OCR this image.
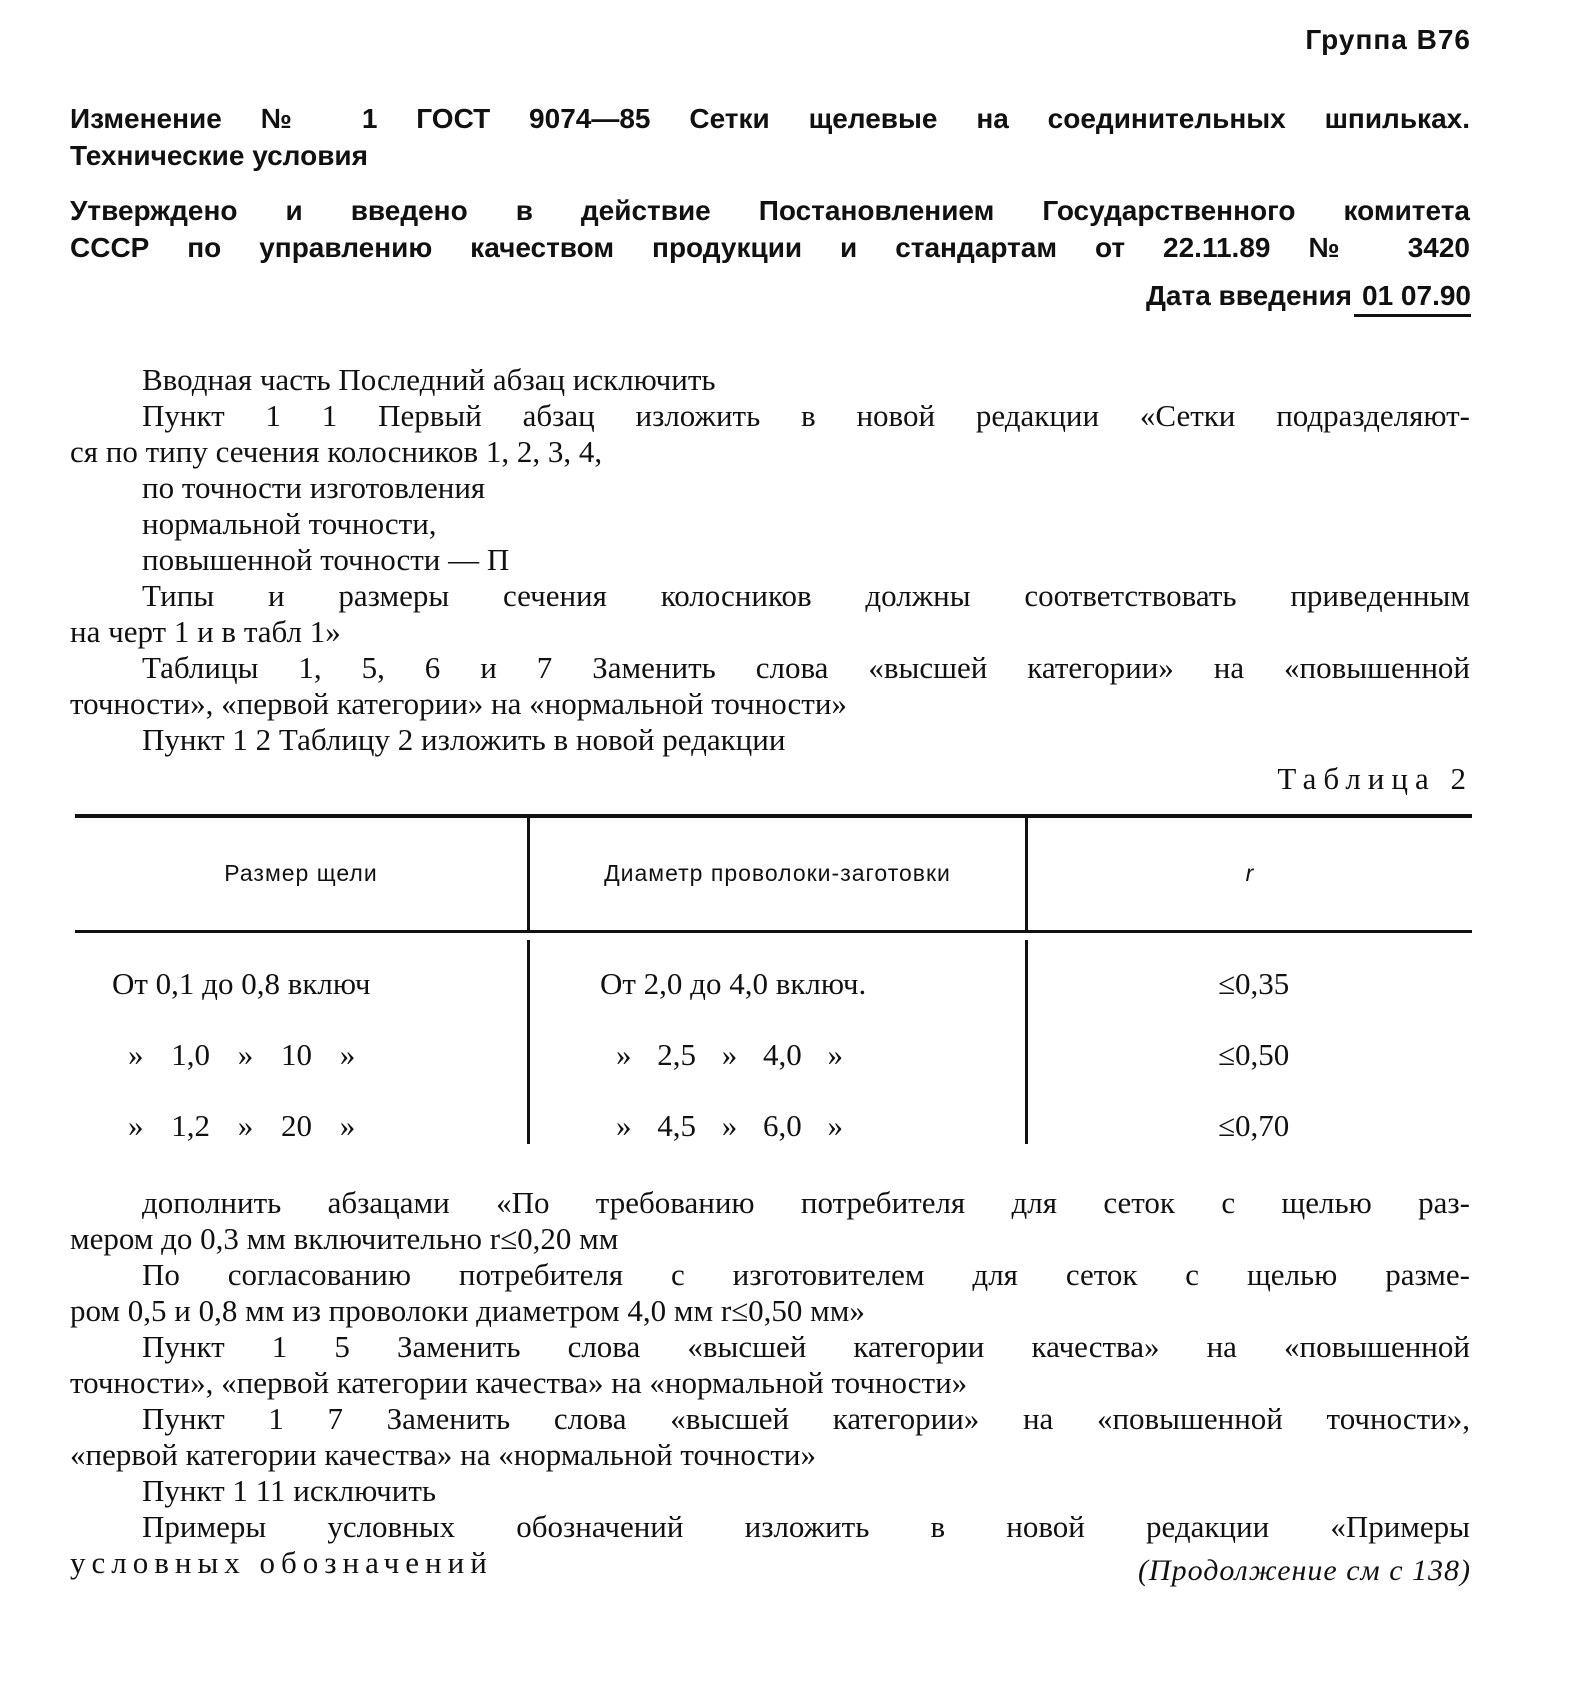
Группа В76
Изменение № 1 ГОСТ 9074—85 Сетки щелевые на соединительных шпильках.
Технические условия
Утверждено и введено в действие Постановлением Государственного комитета
СССР по управлению качеством продукции и стандартам от 22.11.89 № 3420
Дата введения 01 07.90
Вводная часть Последний абзац исключить
Пункт 1 1 Первый абзац изложить в новой редакции «Сетки подразделяют-
ся по типу сечения колосников 1, 2, 3, 4,
по точности изготовления
нормальной точности,
повышенной точности — П
Типы и размеры сечения колосников должны соответствовать приведенным
на черт 1 и в табл 1»
Таблицы 1, 5, 6 и 7 Заменить слова «высшей категории» на «повышенной
точности», «первой категории» на «нормальной точности»
Пункт 1 2 Таблицу 2 изложить в новой редакции
Таблица 2
Размер щели	Диаметр проволоки-заготовки	r
От 0,1 до 0,8 включ	От 2,0 до 4,0 включ.	≤0,35
» 1,0 » 10 »	» 2,5 » 4,0 »	≤0,50
» 1,2 » 20 »	» 4,5 » 6,0 »	≤0,70
дополнить абзацами «По требованию потребителя для сеток с щелью раз-
мером до 0,3 мм включительно r≤0,20 мм
По согласованию потребителя с изготовителем для сеток с щелью разме-
ром 0,5 и 0,8 мм из проволоки диаметром 4,0 мм r≤0,50 мм»
Пункт 1 5 Заменить слова «высшей категории качества» на «повышенной
точности», «первой категории качества» на «нормальной точности»
Пункт 1 7 Заменить слова «высшей категории» на «повышенной точности»,
«первой категории качества» на «нормальной точности»
Пункт 1 11 исключить
Примеры условных обозначений изложить в новой редакции «Примеры
условных обозначений	(Продолжение см с 138)
